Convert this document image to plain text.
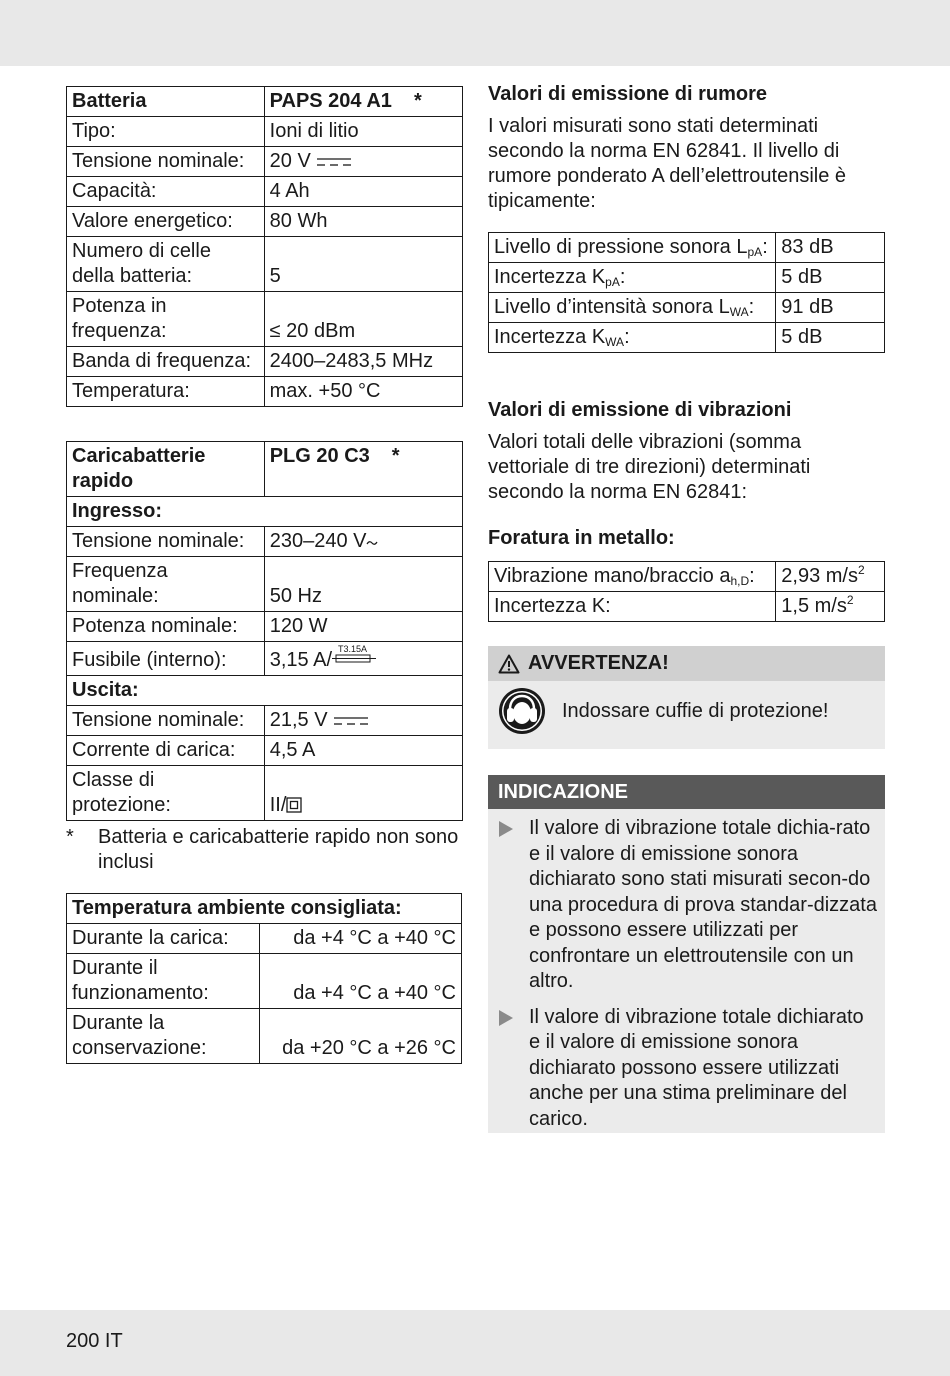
Batteria	PAPS 204 A1 *
Tipo:	Ioni di litio
Tensione nominale:	20 V
Capacità:	4 Ah
Valore energetico:	80 Wh
Numero di celle della batteria:	5
Potenza in frequenza:	≤ 20 dBm
Banda di frequenza:	2400–2483,5 MHz
Temperatura:	max. +50 °C
Caricabatterie rapido	PLG 20 C3 *
Ingresso:	
Tensione nominale:	230–240 V
Frequenza nominale:	50 Hz
Potenza nominale:	120 W
Fusibile (interno):	3,15 A/ T3.15A

Uscita:	
Tensione nominale:	21,5 V
Corrente di carica:	4,5 A
Classe di protezione:	II/
* Batteria e caricabatterie rapido non sono inclusi
Temperatura ambiente consigliata:	
Durante la carica:	da +4 °C a +40 °C
Durante il funzionamento:	da +4 °C a +40 °C
Durante la conservazione:	da +20 °C a +26 °C
Valori di emissione di rumore
I valori misurati sono stati determinati secondo la norma EN 62841. Il livello di rumore ponderato A dell’elettroutensile è tipicamente:
Livello di pressione sonora $L_{pA}$:	83 dB
Incertezza $K_{pA}$:	5 dB
Livello d’intensità sonora $L_{WA}$:	91 dB
Incertezza $K_{WA}$:	5 dB
Valori di emissione di vibrazioni
Valori totali delle vibrazioni (somma vettoriale di tre direzioni) determinati secondo la norma EN 62841:
Foratura in metallo:
Vibrazione mano/braccio $a_{h,D}$:	2,93 $m/s^2$
Incertezza K:	1,5 $m/s^2$
AVVERTENZA!
Indossare cuffie di protezione!
INDICAZIONE
Il valore di vibrazione totale dichia-rato e il valore di emissione sonora dichiarato sono stati misurati secon-do una procedura di prova standar-dizzata e possono essere utilizzati per confrontare un elettroutensile con un altro.
Il valore di vibrazione totale dichiarato e il valore di emissione sonora dichiarato possono essere utilizzati anche per una stima preliminare del carico.
200 IT
